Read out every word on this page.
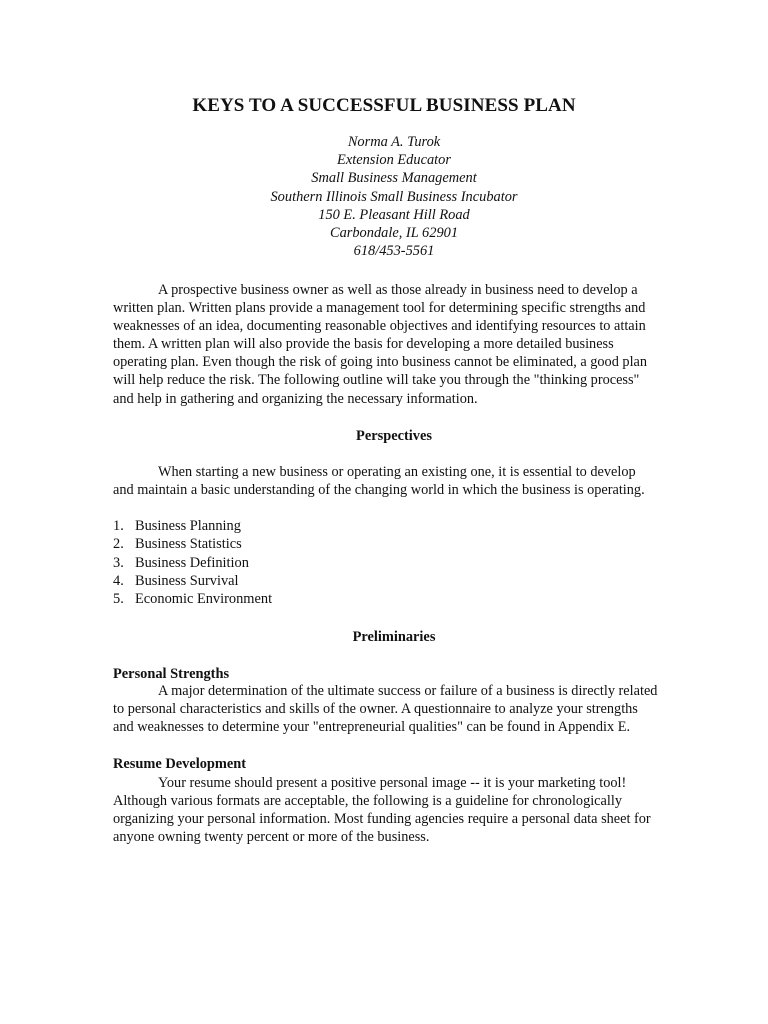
KEYS TO A SUCCESSFUL BUSINESS PLAN
Norma A. Turok
Extension Educator
Small Business Management
Southern Illinois Small Business Incubator
150 E. Pleasant Hill Road
Carbondale, IL 62901
618/453-5561

A prospective business owner as well as those already in business need to develop a
written plan. Written plans provide a management tool for determining specific strengths and
weaknesses of an idea, documenting reasonable objectives and identifying resources to attain
them. A written plan will also provide the basis for developing a more detailed business
operating plan. Even though the risk of going into business cannot be eliminated, a good plan
will help reduce the risk. The following outline will take you through the "thinking process"
and help in gathering and organizing the necessary information.

Perspectives

When starting a new business or operating an existing one, it is essential to develop
and maintain a basic understanding of the changing world in which the business is operating.

1. Business Planning
2. Business Statistics
3. Business Definition
4. Business Survival
5. Economic Environment
Preliminaries
Personal Strengths

A major determination of the ultimate success or failure of a business is directly related
to personal characteristics and skills of the owner. A questionnaire to analyze your strengths
and weaknesses to determine your "entrepreneurial qualities" can be found in Appendix E.

Resume Development

Your resume should present a positive personal image -- it is your marketing tool!
Although various formats are acceptable, the following is a guideline for chronologically
organizing your personal information. Most funding agencies require a personal data sheet for
anyone owning twenty percent or more of the business.
